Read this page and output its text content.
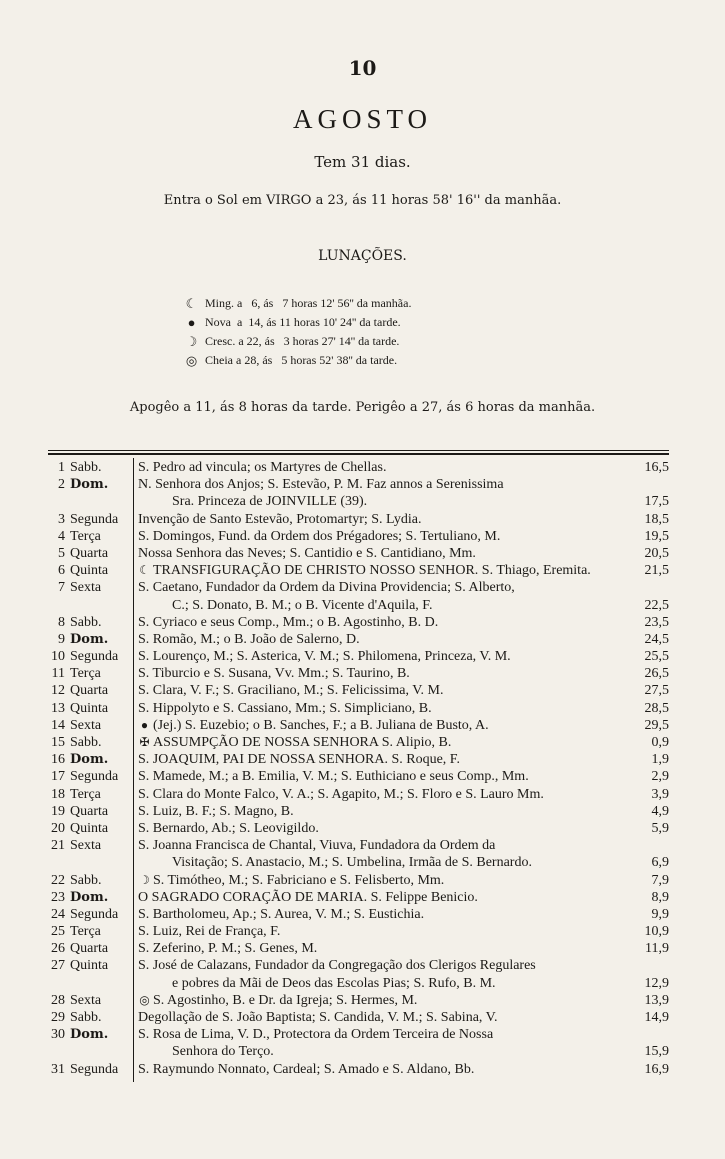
10
AGOSTO
Tem 31 dias.
Entra o Sol em VIRGO a 23, ás 11 horas 58' 16'' da manhãa.
LUNAÇÕES.
☾ Ming. a   6, ás   7 horas 12' 56'' da manhãa.
● Nova  a  14, ás 11 horas 10' 24'' da tarde.
☽ Cresc. a 22, ás   3 horas 27' 14'' da tarde.
◎ Cheia a 28, ás   5 horas 52' 38'' da tarde.
Apogêo a 11, ás 8 horas da tarde. Perigêo a 27, ás 6 horas da manhãa.
1 Sabb.	S. Pedro ad vincula; os Martyres de Chellas.	16,5
2 Dom. N. Senhora dos Anjos; S. Estevão, P. M. Faz annos a Serenissima
Sra. Princeza de JOINVILLE (39).	17,5
3 Segunda Invenção de Santo Estevão, Protomartyr; S. Lydia.	18,5
4 Terça	S. Domingos, Fund. da Ordem dos Prégadores; S. Tertuliano, M.	19,5
5 Quarta Nossa Senhora das Neves; S. Cantidio e S. Cantidiano, Mm.	20,5
6 Quinta	☾ TRANSFIGURAÇÃO DE CHRISTO NOSSO SENHOR. S. Thiago, Eremita.	21,5
7 Sexta	S. Caetano, Fundador da Ordem da Divina Providencia; S. Alberto,
C.; S. Donato, B. M.; o B. Vicente d'Aquila, F.	22,5
8 Sabb.	S. Cyriaco e seus Comp., Mm.; o B. Agostinho, B. D.	23,5
9 Dom. S. Romão, M.; o B. João de Salerno, D.	24,5
10 Segunda S. Lourenço, M.; S. Asterica, V. M.; S. Philomena, Princeza, V. M.	25,5
11 Terça	S. Tiburcio e S. Susana, Vv. Mm.; S. Taurino, B.	26,5
12 Quarta S. Clara, V. F.; S. Graciliano, M.; S. Felicissima, V. M.	27,5
13 Quinta S. Hippolyto e S. Cassiano, Mm.; S. Simpliciano, B.	28,5
14 Sexta	● (Jej.) S. Euzebio; o B. Sanches, F.; a B. Juliana de Busto, A.	29,5
15 Sabb.	✠ ASSUMPÇÃO DE NOSSA SENHORA S. Alipio, B.	0,9
16 Dom. S. JOAQUIM, PAI DE NOSSA SENHORA. S. Roque, F.	1,9
17 Segunda S. Mamede, M.; a B. Emilia, V. M.; S. Euthiciano e seus Comp., Mm.	2,9
18 Terça	S. Clara do Monte Falco, V. A.; S. Agapito, M.; S. Floro e S. Lauro Mm.	3,9
19 Quarta S. Luiz, B. F.; S. Magno, B.	4,9
20 Quinta S. Bernardo, Ab.; S. Leovigildo.	5,9
21 Sexta	S. Joanna Francisca de Chantal, Viuva, Fundadora da Ordem da
Visitação; S. Anastacio, M.; S. Umbelina, Irmãa de S. Bernardo.	6,9
22 Sabb.	☽ S. Timótheo, M.; S. Fabriciano e S. Felisberto, Mm.	7,9
23 Dom. O SAGRADO CORAÇÃO DE MARIA. S. Felippe Benicio.	8,9
24 Segunda S. Bartholomeu, Ap.; S. Aurea, V. M.; S. Eustichia.	9,9
25 Terça	S. Luiz, Rei de França, F.	10,9
26 Quarta S. Zeferino, P. M.; S. Genes, M.	11,9
27 Quinta S. José de Calazans, Fundador da Congregação dos Clerigos Regulares
e pobres da Mãi de Deos das Escolas Pias; S. Rufo, B. M.	12,9
28 Sexta	◎ S. Agostinho, B. e Dr. da Igreja; S. Hermes, M.	13,9
29 Sabb.	Degollação de S. João Baptista; S. Candida, V. M.; S. Sabina, V.	14,9
30 Dom. S. Rosa de Lima, V. D., Protectora da Ordem Terceira de Nossa
Senhora do Terço.	15,9
31 Segunda S. Raymundo Nonnato, Cardeal; S. Amado e S. Aldano, Bb.	16,9
